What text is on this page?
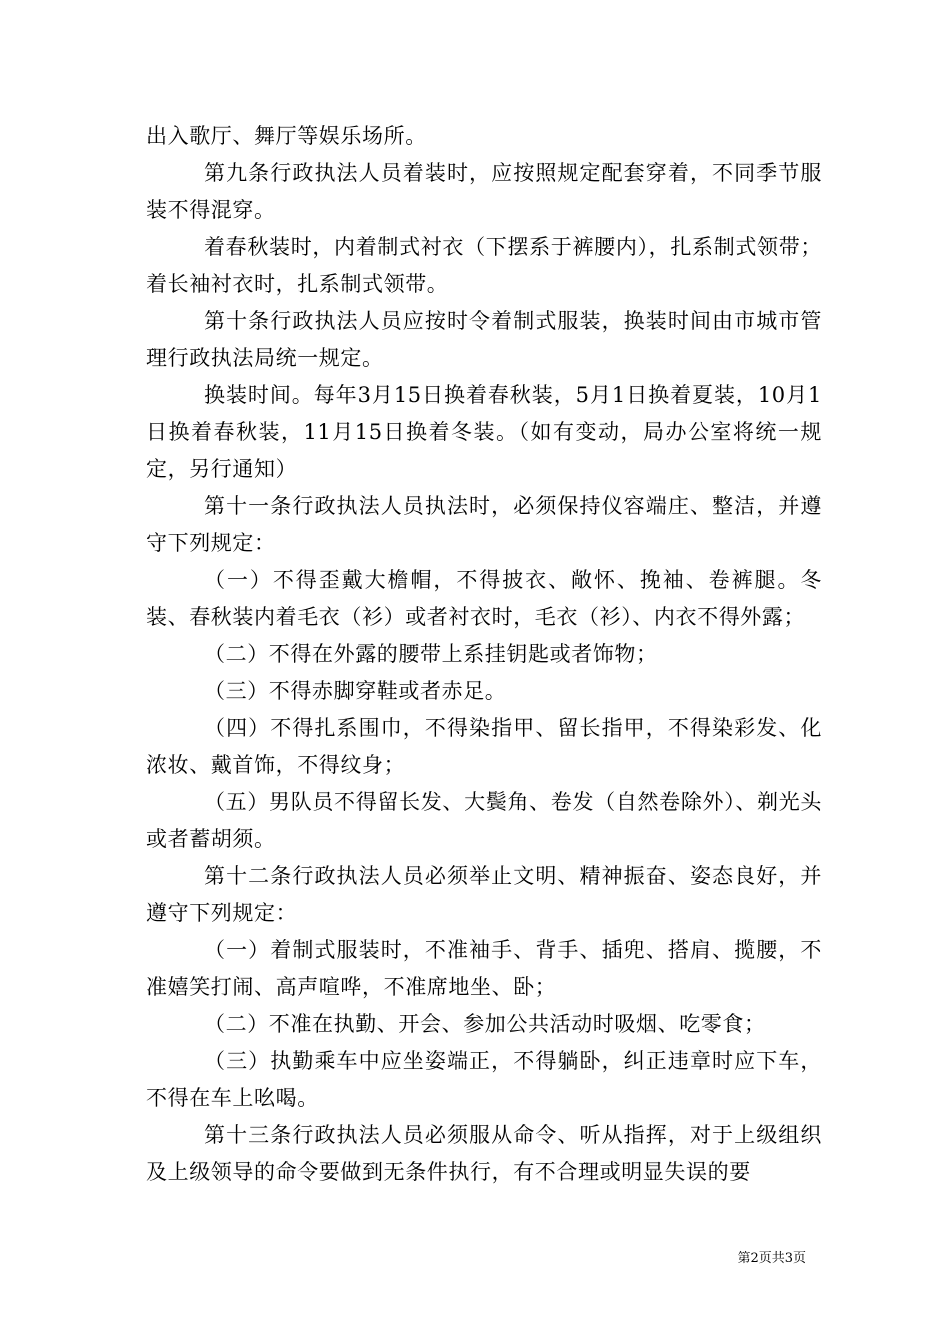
出入歌厅、舞厅等娱乐场所。

第九条行政执法人员着装时，应按照规定配套穿着，不同季节服装不得混穿。

着春秋装时，内着制式衬衣（下摆系于裤腰内），扎系制式领带；着长袖衬衣时，扎系制式领带。

第十条行政执法人员应按时令着制式服装，换装时间由市城市管理行政执法局统一规定。

换装时间。每年3月15日换着春秋装，5月1日换着夏装，10月1日换着春秋装，11月15日换着冬装。（如有变动，局办公室将统一规定，另行通知）

第十一条行政执法人员执法时，必须保持仪容端庄、整洁，并遵守下列规定：

（一）不得歪戴大檐帽，不得披衣、敞怀、挽袖、卷裤腿。冬装、春秋装内着毛衣（衫）或者衬衣时，毛衣（衫）、内衣不得外露；

（二）不得在外露的腰带上系挂钥匙或者饰物；

（三）不得赤脚穿鞋或者赤足。

（四）不得扎系围巾，不得染指甲、留长指甲，不得染彩发、化浓妆、戴首饰，不得纹身；

（五）男队员不得留长发、大鬓角、卷发（自然卷除外）、剃光头或者蓄胡须。

第十二条行政执法人员必须举止文明、精神振奋、姿态良好，并遵守下列规定：

（一）着制式服装时，不准袖手、背手、插兜、搭肩、揽腰，不准嬉笑打闹、高声喧哗，不准席地坐、卧；

（二）不准在执勤、开会、参加公共活动时吸烟、吃零食；

（三）执勤乘车中应坐姿端正，不得躺卧，纠正违章时应下车，不得在车上吆喝。

第十三条行政执法人员必须服从命令、听从指挥，对于上级组织及上级领导的命令要做到无条件执行，有不合理或明显失误的要

第2页共3页
